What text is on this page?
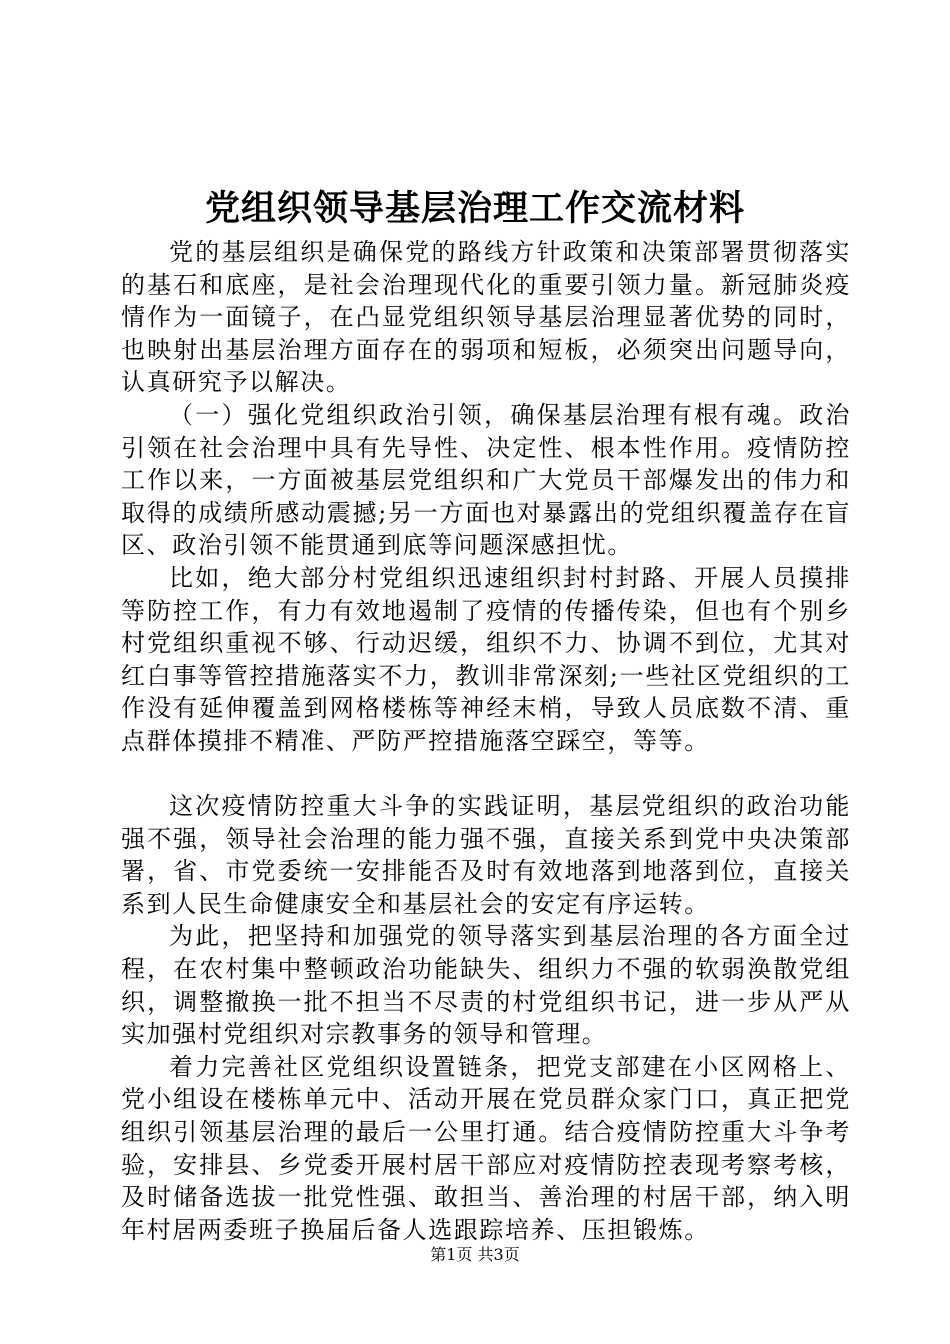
党组织领导基层治理工作交流材料

党的基层组织是确保党的路线方针政策和决策部署贯彻落实的基石和底座，是社会治理现代化的重要引领力量。新冠肺炎疫情作为一面镜子，在凸显党组织领导基层治理显著优势的同时，也映射出基层治理方面存在的弱项和短板，必须突出问题导向，认真研究予以解决。

（一）强化党组织政治引领，确保基层治理有根有魂。政治引领在社会治理中具有先导性、决定性、根本性作用。疫情防控工作以来，一方面被基层党组织和广大党员干部爆发出的伟力和取得的成绩所感动震撼;另一方面也对暴露出的党组织覆盖存在盲区、政治引领不能贯通到底等问题深感担忧。

比如，绝大部分村党组织迅速组织封村封路、开展人员摸排等防控工作，有力有效地遏制了疫情的传播传染，但也有个别乡村党组织重视不够、行动迟缓，组织不力、协调不到位，尤其对红白事等管控措施落实不力，教训非常深刻;一些社区党组织的工作没有延伸覆盖到网格楼栋等神经末梢，导致人员底数不清、重点群体摸排不精准、严防严控措施落空踩空，等等。

这次疫情防控重大斗争的实践证明，基层党组织的政治功能强不强，领导社会治理的能力强不强，直接关系到党中央决策部署，省、市党委统一安排能否及时有效地落到地落到位，直接关系到人民生命健康安全和基层社会的安定有序运转。

为此，把坚持和加强党的领导落实到基层治理的各方面全过程，在农村集中整顿政治功能缺失、组织力不强的软弱涣散党组织，调整撤换一批不担当不尽责的村党组织书记，进一步从严从实加强村党组织对宗教事务的领导和管理。

着力完善社区党组织设置链条，把党支部建在小区网格上、党小组设在楼栋单元中、活动开展在党员群众家门口，真正把党组织引领基层治理的最后一公里打通。结合疫情防控重大斗争考验，安排县、乡党委开展村居干部应对疫情防控表现考察考核，及时储备选拔一批党性强、敢担当、善治理的村居干部，纳入明年村居两委班子换届后备人选跟踪培养、压担锻炼。

第1页 共3页
